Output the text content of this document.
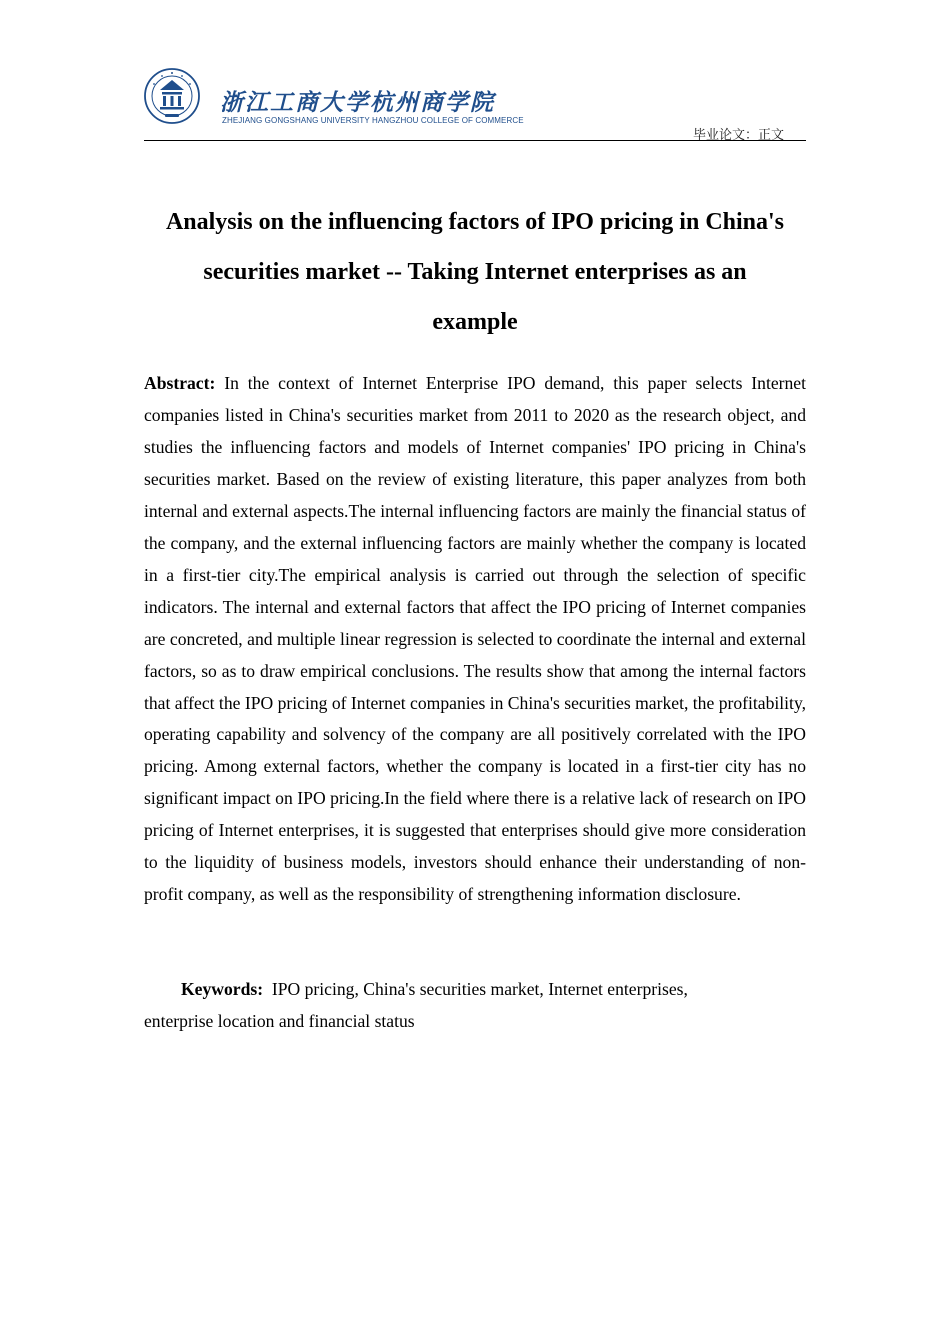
浙江工商大学杭州商学院
ZHEJIANG GONGSHANG UNIVERSITY HANGZHOU COLLEGE OF COMMERCE
毕业论文：正文
Analysis on the influencing factors of IPO pricing in China's
securities market -- Taking Internet enterprises as an
example

Abstract: In the context of Internet Enterprise IPO demand, this paper selects Internet companies listed in China's securities market from 2011 to 2020 as the research object, and studies the influencing factors and models of Internet companies' IPO pricing in China's securities market. Based on the review of existing literature, this paper analyzes from both internal and external aspects.The internal influencing factors are mainly the financial status of the company, and the external influencing factors are mainly whether the company is located in a first-tier city.The empirical analysis is carried out through the selection of specific indicators. The internal and external factors that affect the IPO pricing of Internet companies are concreted, and multiple linear regression is selected to coordinate the internal and external factors, so as to draw empirical conclusions. The results show that among the internal factors that affect the IPO pricing of Internet companies in China's securities market, the profitability, operating capability and solvency of the company are all positively correlated with the IPO pricing. Among external factors, whether the company is located in a first-tier city has no significant impact on IPO pricing.In the field where there is a relative lack of research on IPO pricing of Internet enterprises, it is suggested that enterprises should give more consideration to the liquidity of business models, investors should enhance their understanding of non-profit company, as well as the responsibility of strengthening information disclosure.

Keywords: IPO pricing, China's securities market, Internet enterprises,
enterprise location and financial status
